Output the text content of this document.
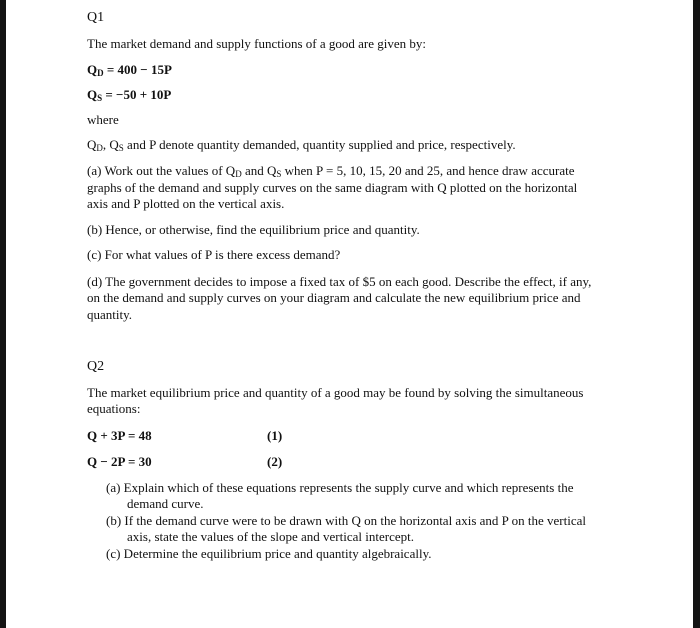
Q1
The market demand and supply functions of a good are given by:
$Q_D = 400 - 15P$
$Q_S = -50 + 10P$
where
$Q_D$, $Q_S$ and P denote quantity demanded, quantity supplied and price, respectively.
(a) Work out the values of $Q_D$ and $Q_S$ when P = 5, 10, 15, 20 and 25, and hence draw accurate
graphs of the demand and supply curves on the same diagram with Q plotted on the horizontal
axis and P plotted on the vertical axis.
(b) Hence, or otherwise, find the equilibrium price and quantity.
(c) For what values of P is there excess demand?
(d) The government decides to impose a fixed tax of $5 on each good. Describe the effect, if any,
on the demand and supply curves on your diagram and calculate the new equilibrium price and
quantity.
Q2
The market equilibrium price and quantity of a good may be found by solving the simultaneous
equations:
Q + 3P = 48	(1)
Q − 2P = 30	(2)
(a) Explain which of these equations represents the supply curve and which represents the
demand curve.
(b) If the demand curve were to be drawn with Q on the horizontal axis and P on the vertical
axis, state the values of the slope and vertical intercept.
(c) Determine the equilibrium price and quantity algebraically.
